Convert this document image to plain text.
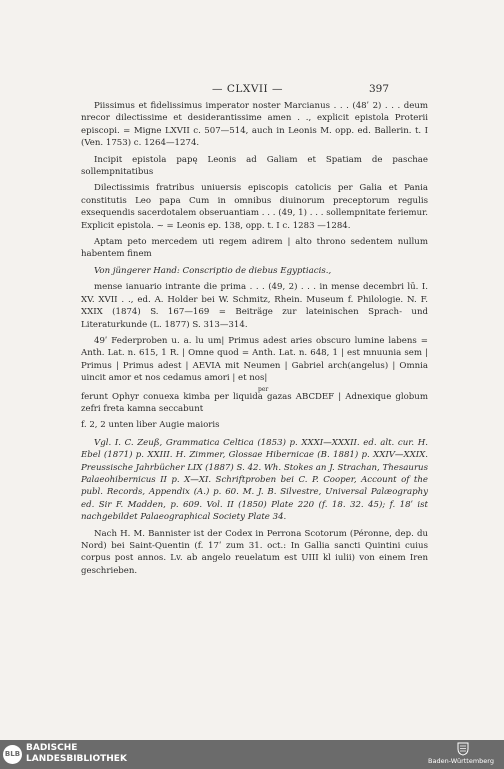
— CLXVII —	397

Piissimus et fidelissimus imperator noster Marcianus . . . (48ʹ 2) . . . deum nrecor dilectissime et desiderantissime amen . ., explicit epistola Proterii episcopi. = Migne LXVII c. 507—514, auch in Leonis M. opp. ed. Ballerin. t. I (Ven. 1753) c. 1264—1274.

Incipit epistola papę Leonis ad Galiam et Spatiam de paschae sollempnitatibus

Dilectissimis fratribus uniuersis episcopis catolicis per Galia et Pania constitutis Leo papa Cum in omnibus diuinorum preceptorum regulis exsequendis sacerdotalem obseruantiam . . . (49, 1) . . . sollempnitate feriemur. Explicit epistola. ~ = Leonis ep. 138, opp. t. I c. 1283 —1284.

Aptam peto mercedem uti regem adirem | alto throno sedentem nullum habentem finem

Von jüngerer Hand: Conscriptio de diebus Egyptiacis.,

mense ianuario intrante die prima . . . (49, 2) . . . in mense decembri lū. I. XV. XVII . ., ed. A. Holder bei W. Schmitz, Rhein. Museum f. Philologie. N. F. XXIX (1874) S. 167—169 = Beiträge zur lateinischen Sprach- und Literaturkunde (L. 1877) S. 313—314.

49ʹ Federproben u. a. lu um| Primus adest aries obscuro lumine labens = Anth. Lat. n. 615, 1 R. | Omne quod = Anth. Lat. n. 648, 1 | est mnuunia sem | Primus | Primus adest | AEVIA mit Neumen | Gabriel arch(angelus) | Omnia uincit amor et nos cedamus amori | et nos|

per

ferunt Ophyr conuexa kimba per liquida gazas ABCDEF | Adnexique globum zefri freta kamna seccabunt

f. 2, 2 unten liber Augie maioris

Vgl. I. C. Zeuß, Grammatica Celtica (1853) p. XXXI—XXXII. ed. alt. cur. H. Ebel (1871) p. XXIII. H. Zimmer, Glossae Hibernicae (B. 1881) p. XXIV—XXIX. Preussische Jahrbücher LIX (1887) S. 42. Wh. Stokes an J. Strachan, Thesaurus Palaeohibernicus II p. X—XI. Schriftproben bei C. P. Cooper, Account of the publ. Records, Appendix (A.) p. 60. M. J. B. Silvestre, Universal Palæography ed. Sir F. Madden, p. 609. Vol. II (1850) Plate 220 (f. 18. 32. 45); f. 18ʹ ist nachgebildet Palaeographical Society Plate 34.

Nach H. M. Bannister ist der Codex in Perrona Scotorum (Péronne, dep. du Nord) bei Saint-Quentin (f. 17ʹ zum 31. oct.: In Gallia sancti Quintini cuius corpus post annos. Lv. ab angelo reuelatum est UIII kl iulii) von einem Iren geschrieben.

BLB
BADISCHE
LANDESBIBLIOTHEK	Baden-Württemberg
